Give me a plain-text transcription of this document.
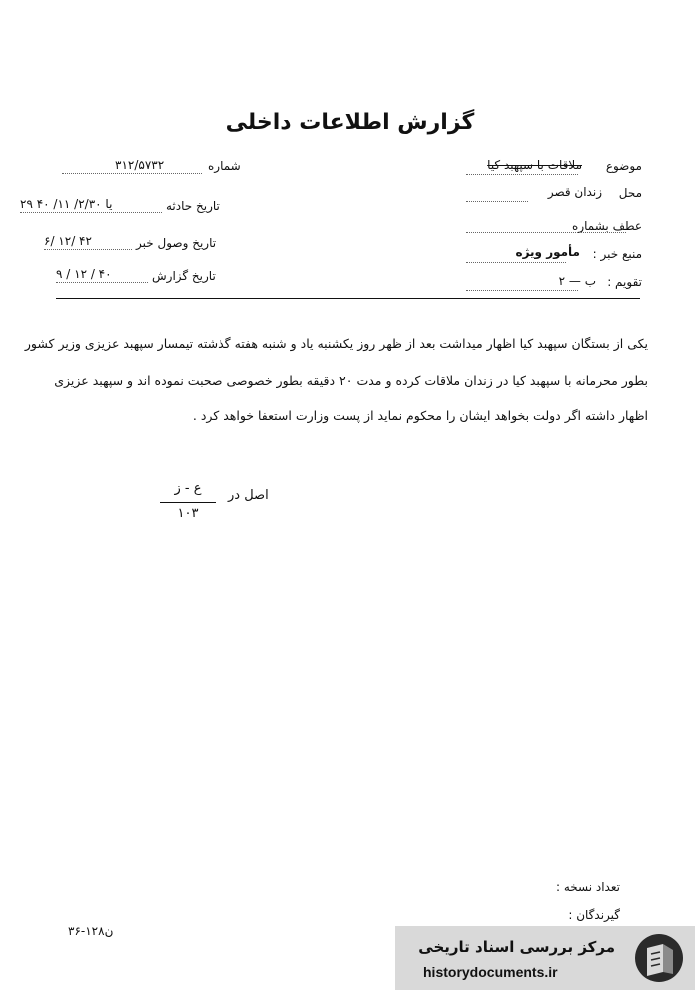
گزارش اطلاعات داخلی
موضوع
ملاقات با سپهبد کیا
محل
زندان قصر
عطف بشماره
منبع خبر :
مأمور ویژه
تقویم :
ب — ۲
شماره
۳۱۲/۵۷۳۲
تاریخ حادثه
۲۹ یا ۲/۳۰/ ۱۱/ ۴۰
تاریخ وصول خبر
۶/ ۱۲/ ۴۲
تاریخ گزارش
۹ / ۱۲ / ۴۰
یکی از بستگان سپهبد کیا اظهار میداشت بعد از ظهر روز یکشنبه یاد و شنبه هفته گذشته تیمسار سپهبد عزیزی وزیر کشور
بطور محرمانه با سپهبد کیا در زندان ملاقات کرده و مدت ۲۰ دقیقه بطور خصوصی صحبت نموده اند و سپهبد عزیزی
اظهار داشته اگر دولت بخواهد ایشان را محکوم نماید از پست وزارت استعفا خواهد کرد .
اصل در
ع - ز
۱۰۳
تعداد نسخه :
گیرندگان :
۳۶-۱۲۸ن
مرکز بررسی اسناد تاریخی
historydocuments.ir
